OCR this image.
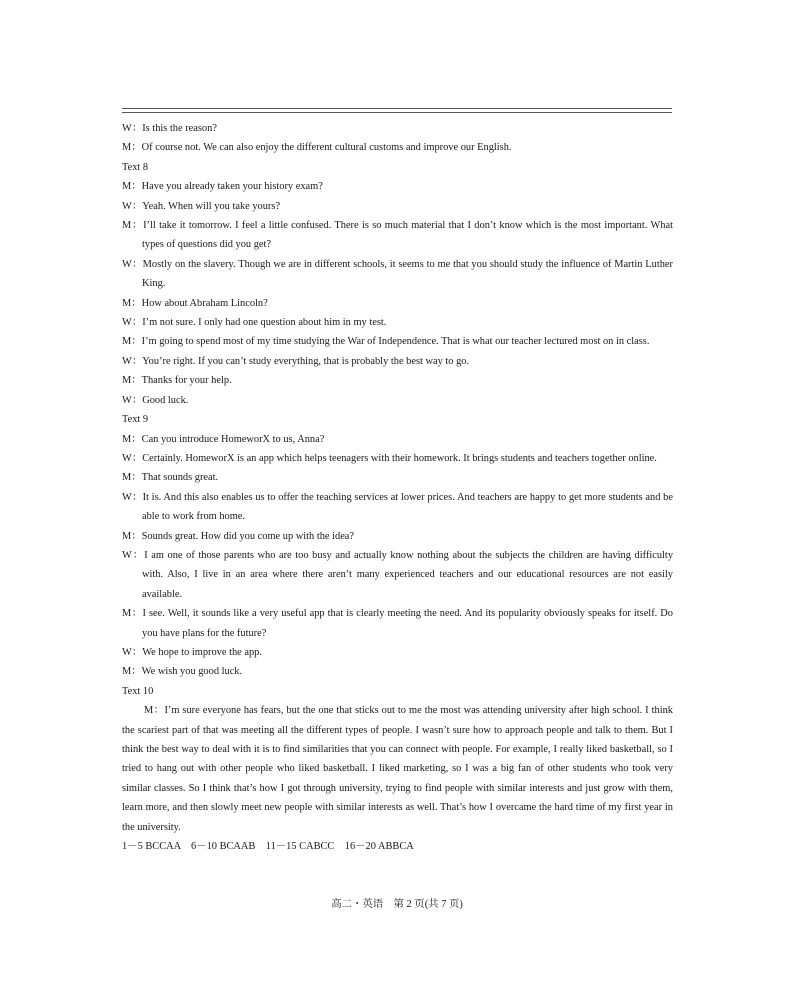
W：Is this the reason?

M：Of course not. We can also enjoy the different cultural customs and improve our English.

Text 8

M：Have you already taken your history exam?

W：Yeah. When will you take yours?

M：I’ll take it tomorrow. I feel a little confused. There is so much material that I don’t know which is the most important. What types of questions did you get?

W：Mostly on the slavery. Though we are in different schools, it seems to me that you should study the influence of Martin Luther King.

M：How about Abraham Lincoln?

W：I’m not sure. I only had one question about him in my test.

M：I’m going to spend most of my time studying the War of Independence. That is what our teacher lectured most on in class.

W：You’re right. If you can’t study everything, that is probably the best way to go.

M：Thanks for your help.

W：Good luck.

Text 9

M：Can you introduce HomeworX to us, Anna?

W：Certainly. HomeworX is an app which helps teenagers with their homework. It brings students and teachers together online.

M：That sounds great.

W：It is. And this also enables us to offer the teaching services at lower prices. And teachers are happy to get more students and be able to work from home.

M：Sounds great. How did you come up with the idea?

W：I am one of those parents who are too busy and actually know nothing about the subjects the children are having difficulty with. Also, I live in an area where there aren’t many experienced teachers and our educational resources are not easily available.

M：I see. Well, it sounds like a very useful app that is clearly meeting the need. And its popularity obviously speaks for itself. Do you have plans for the future?

W：We hope to improve the app.

M：We wish you good luck.

Text 10

M：I’m sure everyone has fears, but the one that sticks out to me the most was attending university after high school. I think the scariest part of that was meeting all the different types of people. I wasn’t sure how to approach people and talk to them. But I think the best way to deal with it is to find similarities that you can connect with people. For example, I really liked basketball, so I tried to hang out with other people who liked basketball. I liked marketing, so I was a big fan of other students who took very similar classes. So I think that’s how I got through university, trying to find people with similar interests and just grow with them, learn more, and then slowly meet new people with similar interests as well. That’s how I overcame the hard time of my first year in the university.

1－5 BCCAA　6－10 BCAAB　11－15 CABCC　16－20 ABBCA

高二・英语　第 2 页(共 7 页)
